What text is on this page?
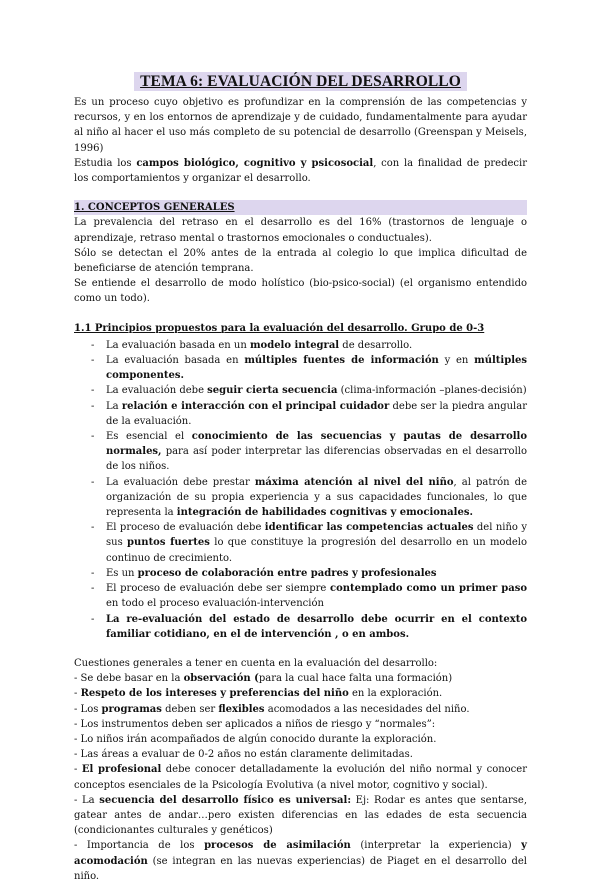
TEMA 6: EVALUACIÓN DEL DESARROLLO

Es un proceso cuyo objetivo es profundizar en la comprensión de las competencias y recursos, y en los entornos de aprendizaje y de cuidado, fundamentalmente para ayudar al niño al hacer el uso más completo de su potencial de desarrollo (Greenspan y Meisels, 1996)

Estudia los campos biológico, cognitivo y psicosocial, con la finalidad de predecir los comportamientos y organizar el desarrollo.

1. CONCEPTOS GENERALES

La prevalencia del retraso en el desarrollo es del 16% (trastornos de lenguaje o aprendizaje, retraso mental o trastornos emocionales o conductuales).

Sólo se detectan el 20% antes de la entrada al colegio lo que implica dificultad de beneficiarse de atención temprana.

Se entiende el desarrollo de modo holístico (bio-psico-social) (el organismo entendido como un todo).

1.1 Principios propuestos para la evaluación del desarrollo. Grupo de 0-3
- La evaluación basada en un modelo integral de desarrollo.
- La evaluación basada en múltiples fuentes de información y en múltiples componentes.
- La evaluación debe seguir cierta secuencia (clima-información –planes-decisión)
- La relación e interacción con el principal cuidador debe ser la piedra angular de la evaluación.
- Es esencial el conocimiento de las secuencias y pautas de desarrollo normales, para así poder interpretar las diferencias observadas en el desarrollo de los niños.
- La evaluación debe prestar máxima atención al nivel del niño, al patrón de organización de su propia experiencia y a sus capacidades funcionales, lo que representa la integración de habilidades cognitivas y emocionales.
- El proceso de evaluación debe identificar las competencias actuales del niño y sus puntos fuertes lo que constituye la progresión del desarrollo en un modelo continuo de crecimiento.
- Es un proceso de colaboración entre padres y profesionales
- El proceso de evaluación debe ser siempre contemplado como un primer paso en todo el proceso evaluación-intervención
- La re-evaluación del estado de desarrollo debe ocurrir en el contexto familiar cotidiano, en el de intervención , o en ambos.

Cuestiones generales a tener en cuenta en la evaluación del desarrollo:

- Se debe basar en la observación (para la cual hace falta una formación)

- Respeto de los intereses y preferencias del niño en la exploración.

- Los programas deben ser flexibles acomodados a las necesidades del niño.

- Los instrumentos deben ser aplicados a niños de riesgo y “normales”:

- Lo niños irán acompañados de algún conocido durante la exploración.

- Las áreas a evaluar de 0-2 años no están claramente delimitadas.

- El profesional debe conocer detalladamente la evolución del niño normal y conocer conceptos esenciales de la Psicología Evolutiva (a nivel motor, cognitivo y social).

- La secuencia del desarrollo físico es universal: Ej: Rodar es antes que sentarse, gatear antes de andar…pero existen diferencias en las edades de esta secuencia (condicionantes culturales y genéticos)

- Importancia de los procesos de asimilación (interpretar la experiencia) y acomodación (se integran en las nuevas experiencias) de Piaget en el desarrollo del niño.
